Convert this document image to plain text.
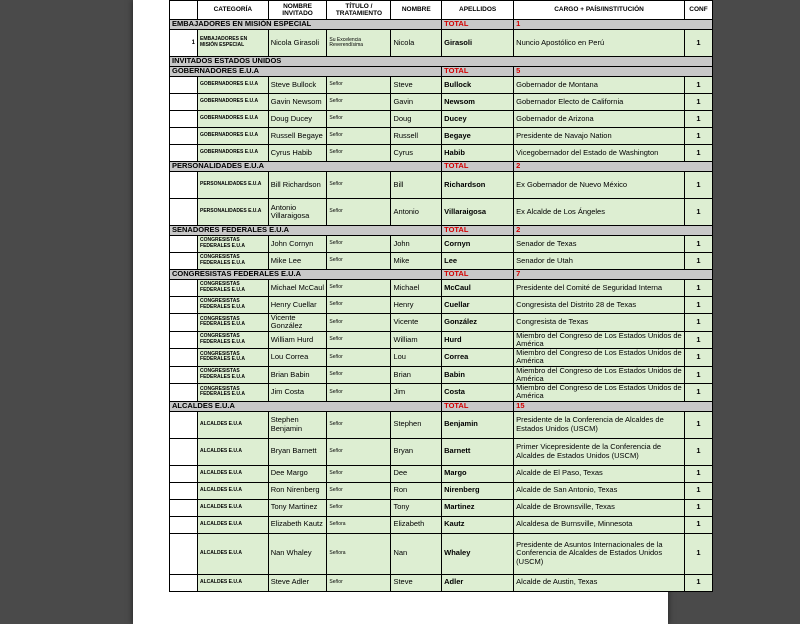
	CATEGORÍA	NOMBRE INVITADO	TÍTULO / TRATAMIENTO	NOMBRE	APELLIDOS	CARGO + PAÍS/INSTITUCIÓN	CONF
EMBAJADORES EN MISIÓN ESPECIAL					TOTAL	1	
1	EMBAJADORES EN MISIÓN ESPECIAL	Nicola Girasoli	Su Excelencia Reverendísima	Nicola	Girasoli	Nuncio Apostólico en Perú	1
INVITADOS ESTADOS UNIDOS							
GOBERNADORES E.U.A					TOTAL	5	
	GOBERNADORES E.U.A	Steve Bullock	Señor	Steve	Bullock	Gobernador de Montana	1
	GOBERNADORES E.U.A	Gavin Newsom	Señor	Gavin	Newsom	Gobernador Electo de California	1
	GOBERNADORES E.U.A	Doug Ducey	Señor	Doug	Ducey	Gobernador de Arizona	1
	GOBERNADORES E.U.A	Russell Begaye	Señor	Russell	Begaye	Presidente de Navajo Nation	1
	GOBERNADORES E.U.A	Cyrus Habib	Señor	Cyrus	Habib	Vicegobernador del Estado de Washington	1
PERSONALIDADES E.U.A					TOTAL	2	
	PERSONALIDADES E.U.A	Bill Richardson	Señor	Bill	Richardson	Ex Gobernador de Nuevo México	1
	PERSONALIDADES E.U.A	Antonio Villaraigosa	Señor	Antonio	Villaraigosa	Ex Alcalde de Los Ángeles	1
SENADORES FEDERALES E.U.A					TOTAL	2	
	CONGRESISTAS FEDERALES E.U.A	John Cornyn	Señor	John	Cornyn	Senador de Texas	1
	CONGRESISTAS FEDERALES E.U.A	Mike Lee	Señor	Mike	Lee	Senador de Utah	1
CONGRESISTAS FEDERALES E.U.A					TOTAL	7	
	CONGRESISTAS FEDERALES E.U.A	Michael McCaul	Señor	Michael	McCaul	Presidente del Comité de Seguridad Interna	1
	CONGRESISTAS FEDERALES E.U.A	Henry Cuellar	Señor	Henry	Cuellar	Congresista del Distrito 28 de Texas	1
	CONGRESISTAS FEDERALES E.U.A	Vicente González	Señor	Vicente	González	Congresista de Texas	1
	CONGRESISTAS FEDERALES E.U.A	William Hurd	Señor	William	Hurd	Miembro del Congreso de Los Estados Unidos de América	1
	CONGRESISTAS FEDERALES E.U.A	Lou Correa	Señor	Lou	Correa	Miembro del Congreso de Los Estados Unidos de América	1
	CONGRESISTAS FEDERALES E.U.A	Brian Babin	Señor	Brian	Babin	Miembro del Congreso de Los Estados Unidos de América	1
	CONGRESISTAS FEDERALES E.U.A	Jim Costa	Señor	Jim	Costa	Miembro del Congreso de Los Estados Unidos de América	1
ALCALDES E.U.A					TOTAL	15	
	ALCALDES E.U.A	Stephen Benjamin	Señor	Stephen	Benjamin	Presidente de la Conferencia de Alcaldes de Estados Unidos (USCM)	1
	ALCALDES E.U.A	Bryan Barnett	Señor	Bryan	Barnett	Primer Vicepresidente de la Conferencia de Alcaldes de Estados Unidos (USCM)	1
	ALCALDES E.U.A	Dee Margo	Señor	Dee	Margo	Alcalde de El Paso, Texas	1
	ALCALDES E.U.A	Ron Nirenberg	Señor	Ron	Nirenberg	Alcalde de San Antonio, Texas	1
	ALCALDES E.U.A	Tony Martinez	Señor	Tony	Martinez	Alcalde de Brownsville, Texas	1
	ALCALDES E.U.A	Elizabeth Kautz	Señora	Elizabeth	Kautz	Alcaldesa de Burnsville, Minnesota	1
	ALCALDES E.U.A	Nan Whaley	Señora	Nan	Whaley	Presidente de Asuntos Internacionales de la Conferencia de Alcaldes de Estados Unidos (USCM)	1
	ALCALDES E.U.A	Steve Adler	Señor	Steve	Adler	Alcalde de Austin, Texas	1
